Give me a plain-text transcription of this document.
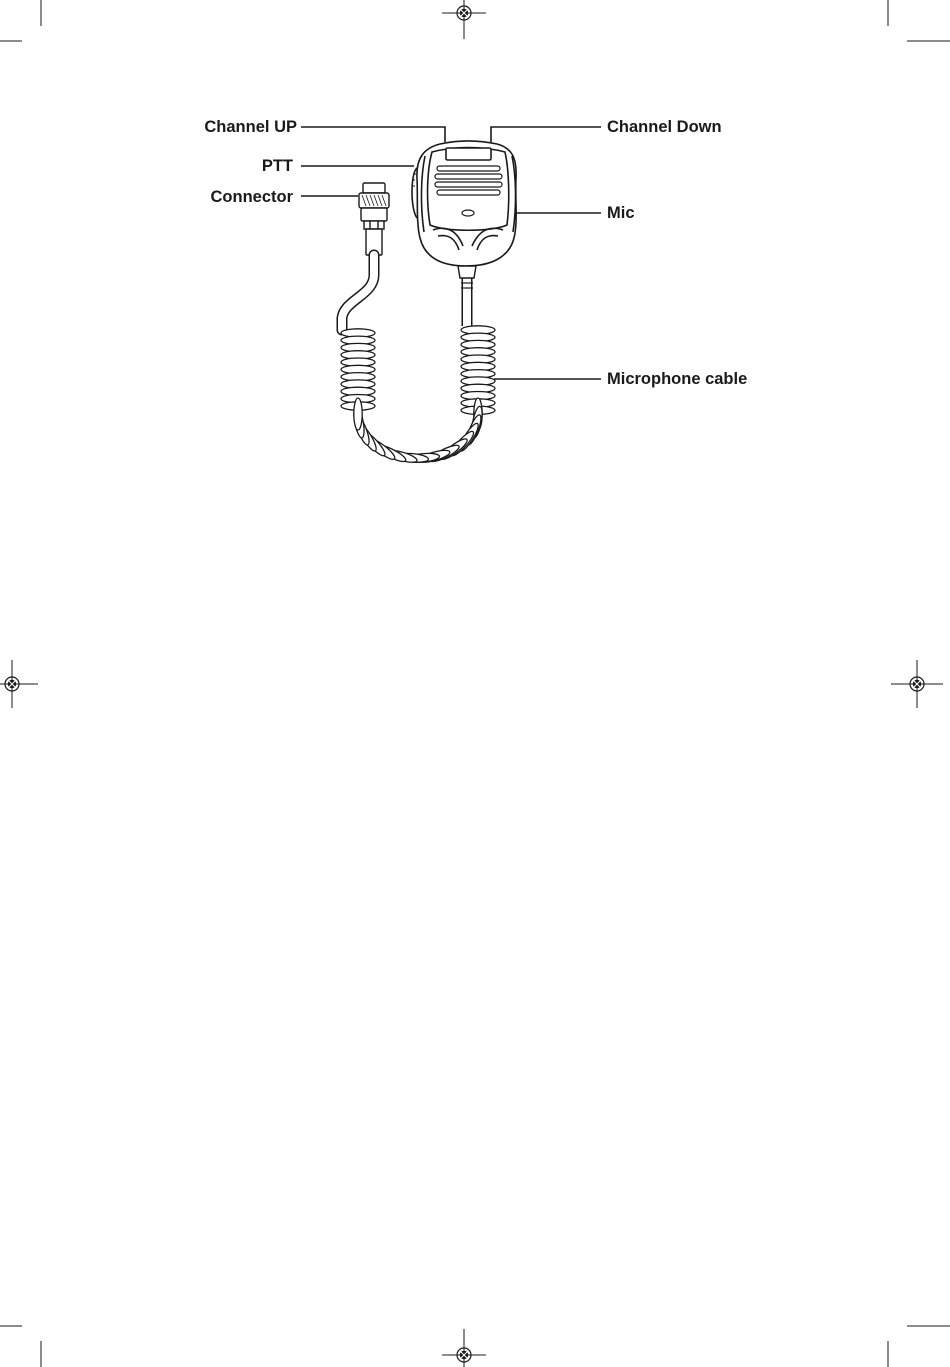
Channel UP
PTT
Connector
Channel Down
Mic
Microphone cable
